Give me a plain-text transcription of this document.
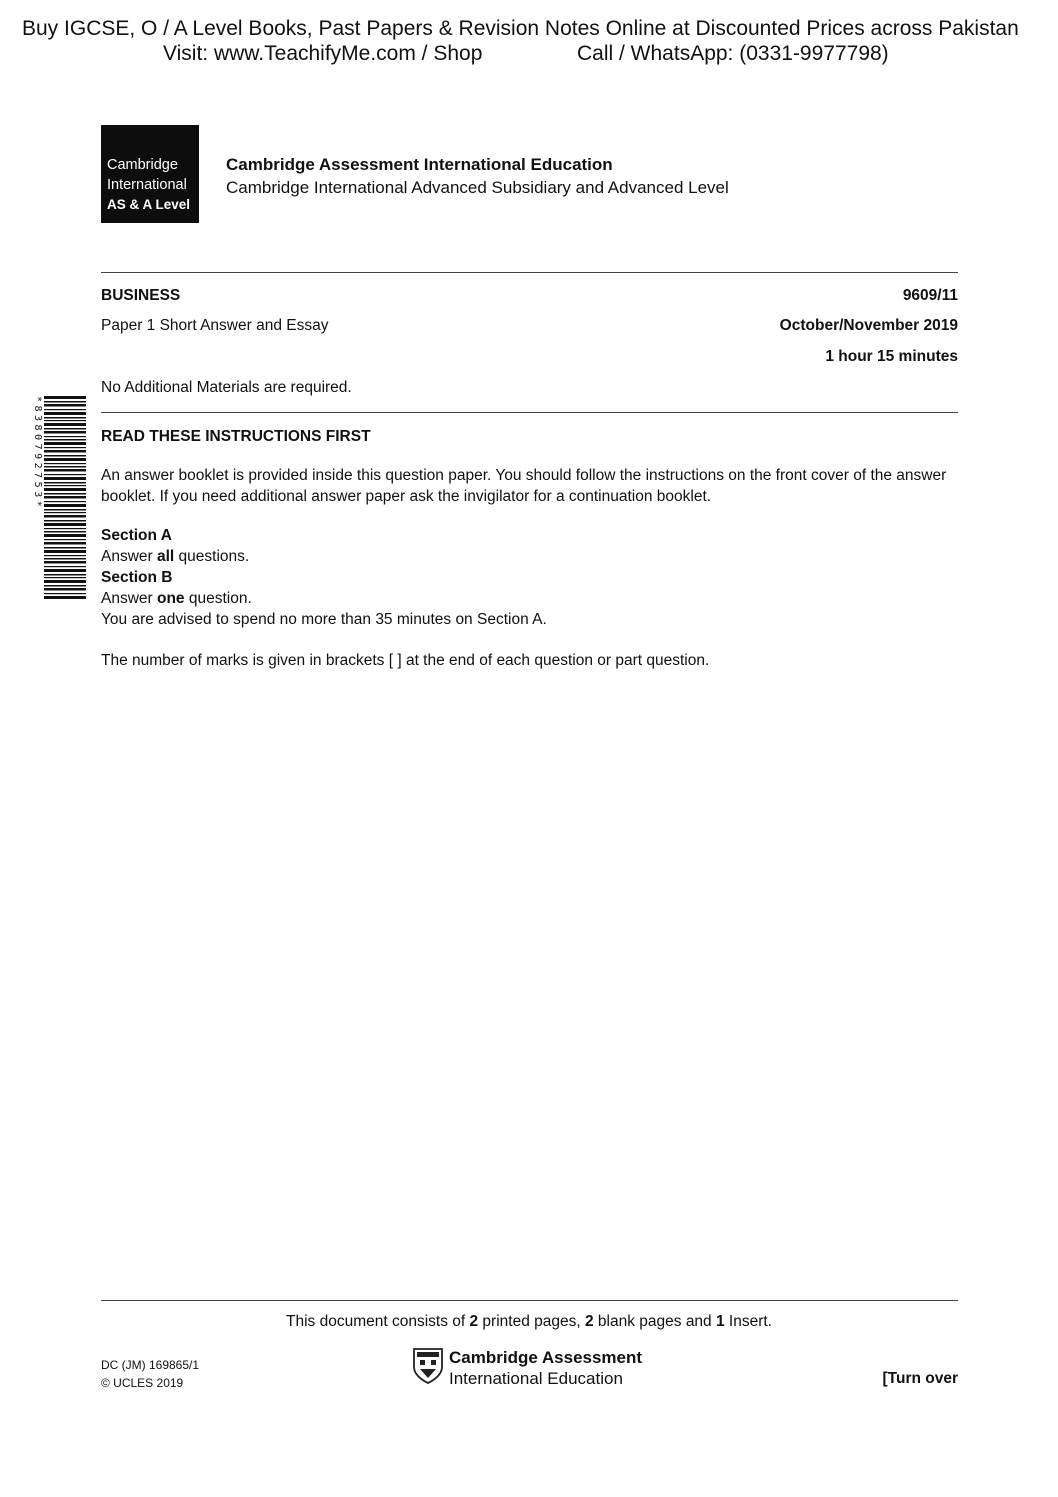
Buy IGCSE, O / A Level Books, Past Papers & Revision Notes Online at Discounted Prices across Pakistan
Visit: www.TeachifyMe.com / Shop	Call / WhatsApp: (0331-9977798)
Cambridge
International
AS & A Level
Cambridge Assessment International Education
Cambridge International Advanced Subsidiary and Advanced Level
BUSINESS	9609/11
Paper 1 Short Answer and Essay	October/November 2019
1 hour 15 minutes
No Additional Materials are required.
*8380792753*	READ THESE INSTRUCTIONS FIRST
An answer booklet is provided inside this question paper. You should follow the instructions on the front cover of the answer booklet. If you need additional answer paper ask the invigilator for a continuation booklet.
Section A
Answer all questions.
Section B
Answer one question.
You are advised to spend no more than 35 minutes on Section A.
The number of marks is given in brackets [ ] at the end of each question or part question.
This document consists of 2 printed pages, 2 blank pages and 1 Insert.
DC (JM) 169865/1
© UCLES 2019
Cambridge Assessment
International Education	[Turn over
